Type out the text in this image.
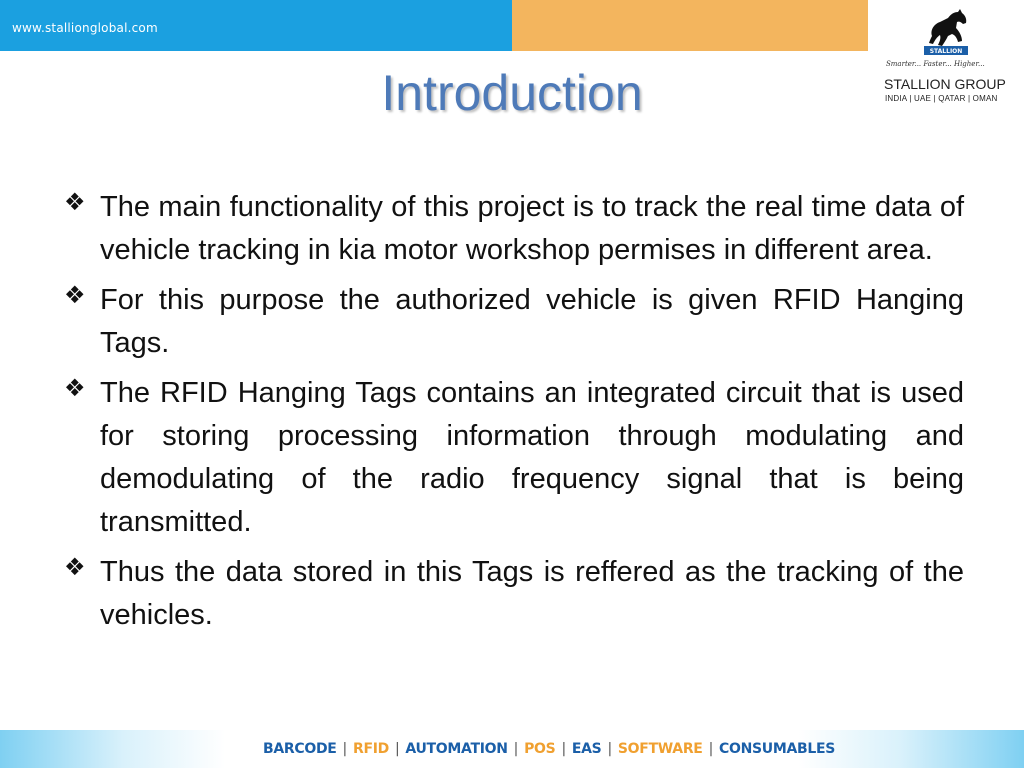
www.stallionglobal.com
STALLION
Smarter... Faster... Higher...
STALLION GROUP
INDIA | UAE | QATAR | OMAN
Introduction
❖ The main functionality of this project is to track the real time data of vehicle tracking in kia motor workshop permises in different area.
❖ For this purpose the authorized vehicle is given RFID Hanging Tags.
❖ The RFID Hanging Tags contains an integrated circuit that is used for storing processing information through modulating and demodulating of the radio frequency signal that is being transmitted.
❖ Thus the data stored in this Tags is reffered as the tracking of the vehicles.
BARCODE | RFID | AUTOMATION | POS | EAS | SOFTWARE | CONSUMABLES
